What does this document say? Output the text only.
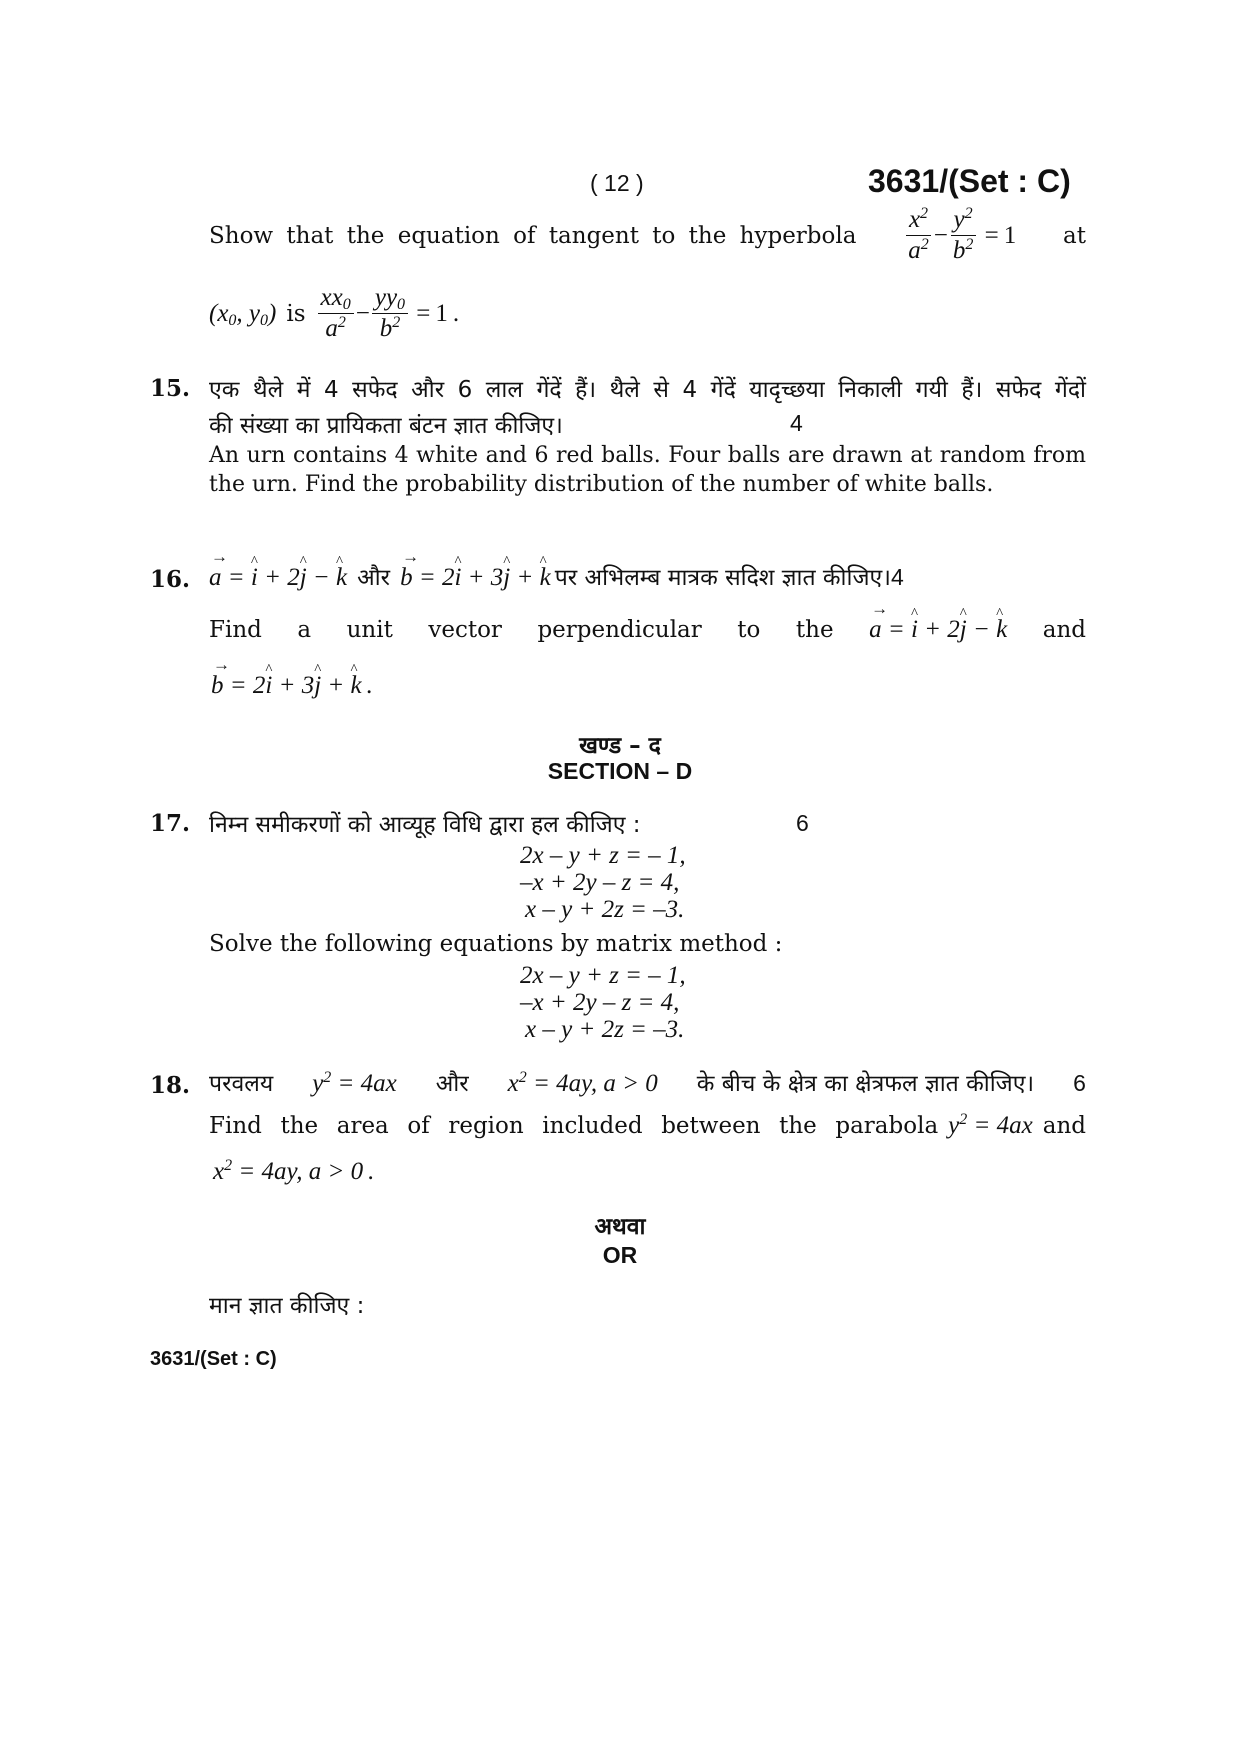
( 12 )	3631/(Set : C)
Show that the equation of tangent to the hyperbola $\frac{x^2}{a^2} - \frac{y^2}{b^2} = 1$ at
($x_0$, $y_0$) is $\frac{xx_0}{a^2} - \frac{yy_0}{b^2} = 1$ .
15. एक थैले में 4 सफेद और 6 लाल गेंदें हैं। थैले से 4 गेंदें यादृच्छया निकाली गयी हैं। सफेद गेंदों
की संख्या का प्रायिकता बंटन ज्ञात कीजिए।	4
An urn contains 4 white and 6 red balls. Four balls are drawn at random from the urn. Find the probability distribution of the number of white balls.
16. → a = ^ i + 2^ j − ^ k और → b = 2^ i + 3^ j + ^ k पर अभिलम्ब मात्रक सदिश ज्ञात कीजिए। 4
Find a unit vector perpendicular to the → a = ^ i + 2^ j − ^ k and
→ b = 2^ i + 3^ j + ^ k .
खण्ड – द
SECTION – D
17. निम्न समीकरणों को आव्यूह विधि द्वारा हल कीजिए :	6
2x – y + z = – 1,
–x + 2y – z = 4,
x – y + 2z = –3.
Solve the following equations by matrix method :
2x – y + z = – 1,
–x + 2y – z = 4,
x – y + 2z = –3.
18. परवलय $y^2 = 4ax$ और $x^2 = 4ay$, a > 0 के बीच के क्षेत्र का क्षेत्रफल ज्ञात कीजिए। 6
Find the area of region included between the parabola $y^2 = 4ax$ and
$x^2 = 4ay$, a > 0 .
अथवा
OR
मान ज्ञात कीजिए :
3631/(Set : C)
